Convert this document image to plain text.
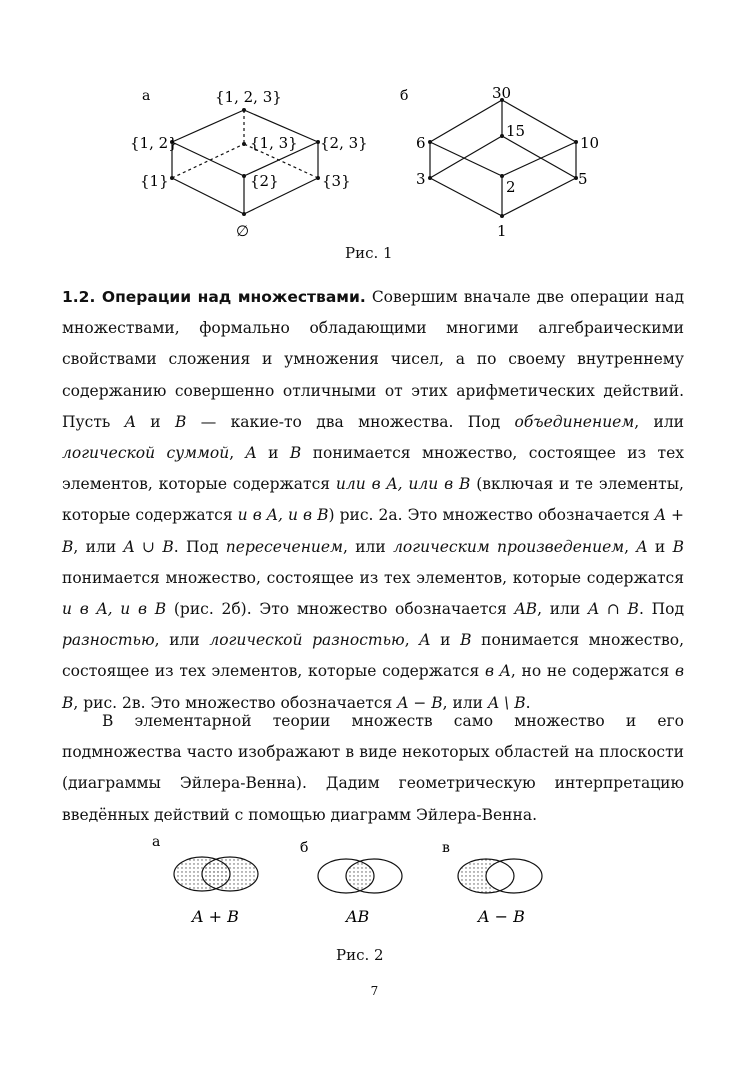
а	{1, 2, 3}
{1, 2}	{1, 3} {2, 3}
{1}	{2}	{3}
∅
б	30
6
15
10
3	2	5
1
Рис. 1

1.2. Операции над множествами. Совершим вначале две операции над множествами, формально обладающими многими алгебраическими свойствами сложения и умножения чисел, а по своему внутреннему содержанию совершенно отличными от этих арифметических действий. Пусть A и B — какие-то два множества. Под объединением, или логической суммой, A и B понимается множество, состоящее из тех элементов, которые содержатся или в A, или в B (включая и те элементы, которые содержатся и в A, и в B) рис. 2а. Это множество обозначается A + B, или A ∪ B. Под пересечением, или логическим произведением, A и B понимается множество, состоящее из тех элементов, которые содержатся и в A, и в B (рис. 2б). Это множество обозначается AB, или A ∩ B. Под разностью, или логической разностью, A и B понимается множество, состоящее из тех элементов, которые содержатся в A, но не содержатся в B, рис. 2в. Это множество обозначается A − B, или A \ B.

В элементарной теории множеств само множество и его подмножества часто изображают в виде некоторых областей на плоскости (диаграммы Эйлера-Венна). Дадим геометрическую интерпретацию введённых действий с помощью диаграмм Эйлера-Венна.

а
A + B
б
AB
в
A − B
Рис. 2
7
